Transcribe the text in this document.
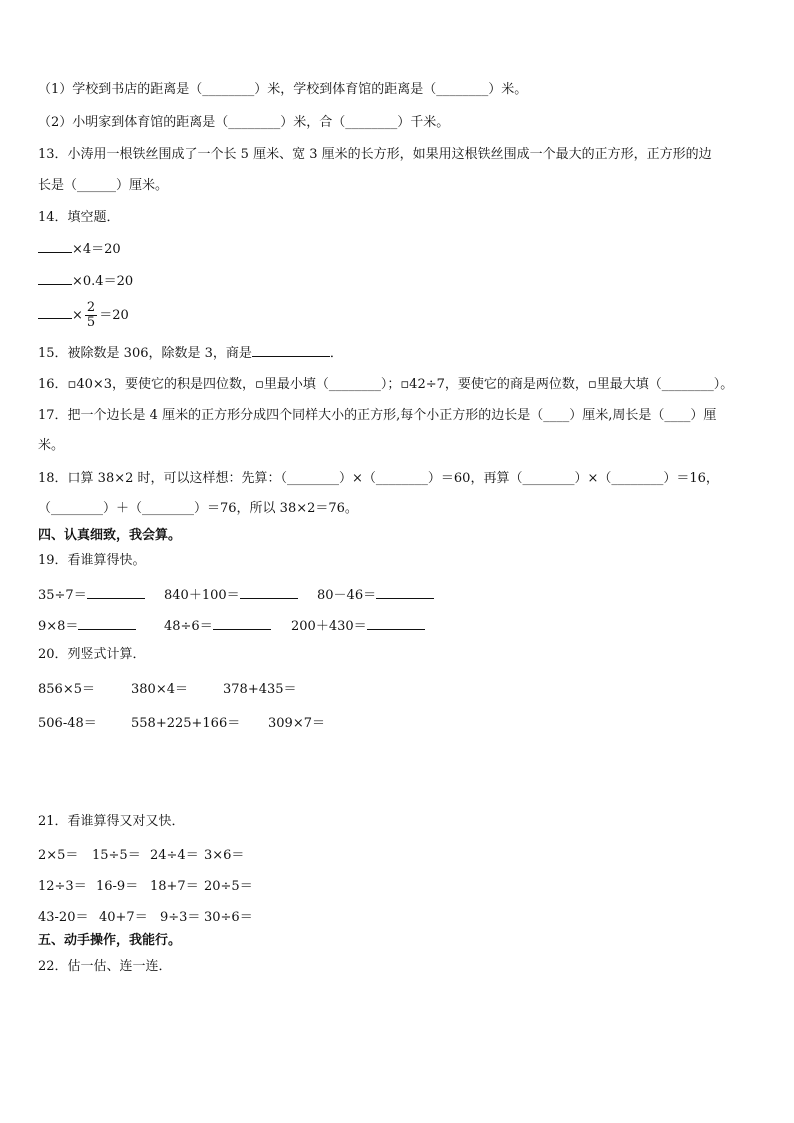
（1）学校到书店的距离是（________）米，学校到体育馆的距离是（________）米。
（2）小明家到体育馆的距离是（________）米，合（________）千米。
13．小涛用一根铁丝围成了一个长 5 厘米、宽 3 厘米的长方形，如果用这根铁丝围成一个最大的正方形，正方形的边
长是（______）厘米。
14．填空题．
×4＝20
×0.4＝20
× $\frac{2}{5} =20$
15．被除数是 306，除数是 3，商是	．
16．▫40×3，要使它的积是四位数，▫里最小填（________）；▫42÷7，要使它的商是两位数，▫里最大填（________）。
17．把一个边长是 4 厘米的正方形分成四个同样大小的正方形,每个小正方形的边长是（____）厘米,周长是（____）厘
米。
18．口算 38×2 时，可以这样想：先算：（________）×（________）＝60，再算（________）×（________）＝16，
（________）＋（________）＝76，所以 38×2＝76。
四、认真细致，我会算。
19．看谁算得快。
35÷7＝	840＋100＝	80－46＝
9×8＝	48÷6＝	200＋430＝
20．列竖式计算．
856×5＝	380×4＝	378+435＝
506-48＝	558+225+166＝ 309×7＝
21．看谁算得又对又快．
2×5＝ 15÷5＝ 24÷4＝ 3×6＝
12÷3＝ 16-9＝ 18+7＝ 20÷5＝
43-20＝ 40+7＝ 9÷3＝ 30÷6＝
五、动手操作，我能行。
22．估一估、连一连．
